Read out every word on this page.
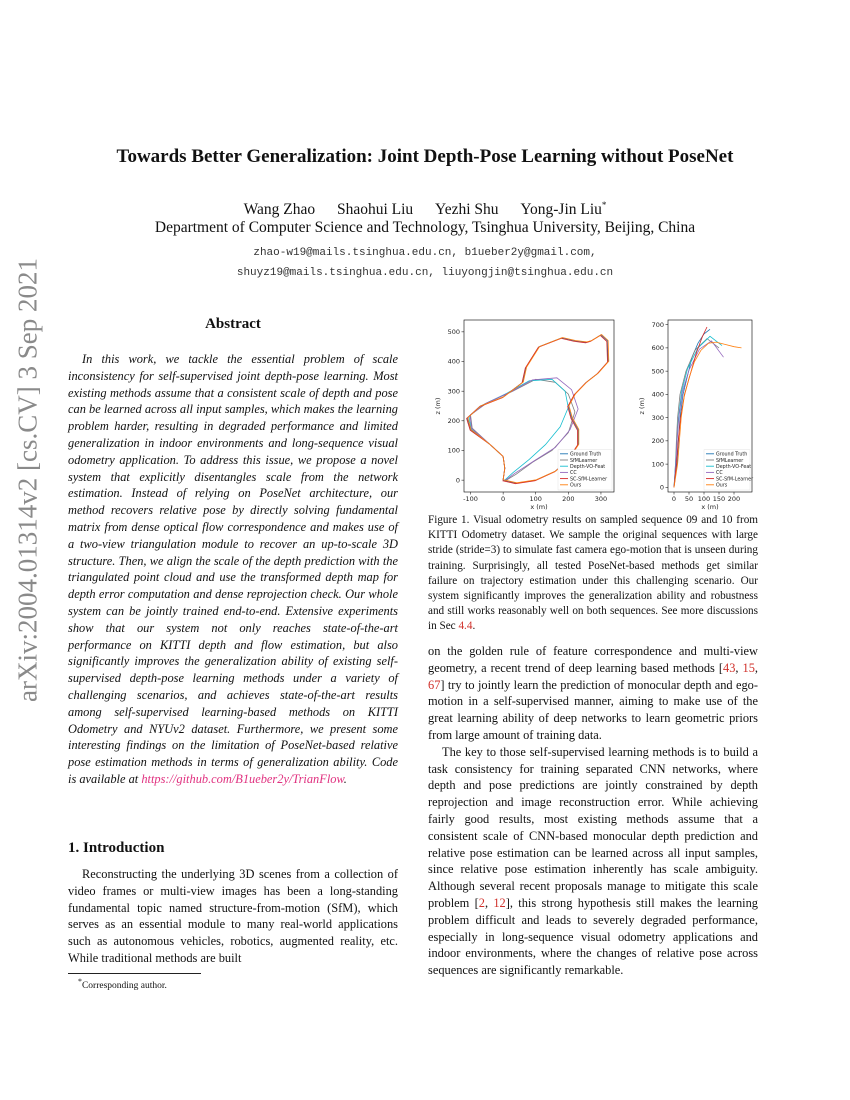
arXiv:2004.01314v2 [cs.CV] 3 Sep 2021
Towards Better Generalization: Joint Depth-Pose Learning without PoseNet
Wang Zhao Shaohui Liu Yezhi Shu Yong-Jin Liu*
Department of Computer Science and Technology, Tsinghua University, Beijing, China
zhao-w19@mails.tsinghua.edu.cn, b1ueber2y@gmail.com,
shuyz19@mails.tsinghua.edu.cn, liuyongjin@tsinghua.edu.cn
Abstract

In this work, we tackle the essential problem of scale inconsistency for self-supervised joint depth-pose learning. Most existing methods assume that a consistent scale of depth and pose can be learned across all input samples, which makes the learning problem harder, resulting in degraded performance and limited generalization in indoor environments and long-sequence visual odometry application. To address this issue, we propose a novel system that explicitly disentangles scale from the network estimation. Instead of relying on PoseNet architecture, our method recovers relative pose by directly solving fundamental matrix from dense optical flow correspondence and makes use of a two-view triangulation module to recover an up-to-scale 3D structure. Then, we align the scale of the depth prediction with the triangulated point cloud and use the transformed depth map for depth error computation and dense reprojection check. Our whole system can be jointly trained end-to-end. Extensive experiments show that our system not only reaches state-of-the-art performance on KITTI depth and flow estimation, but also significantly improves the generalization ability of existing self-supervised depth-pose learning methods under a variety of challenging scenarios, and achieves state-of-the-art results among self-supervised learning-based methods on KITTI Odometry and NYUv2 dataset. Furthermore, we present some interesting findings on the limitation of PoseNet-based relative pose estimation methods in terms of generalization ability. Code is available at https://github.com/B1ueber2y/TrianFlow.

1. Introduction

Reconstructing the underlying 3D scenes from a collection of video frames or multi-view images has been a long-standing fundamental topic named structure-from-motion (SfM), which serves as an essential module to many real-world applications such as autonomous vehicles, robotics, augmented reality, etc. While traditional methods are built

*Corresponding author.
-100	0	100	200	300
0
100
200
300
400
500
x (m)
z (m)
Ground Truth
SfMLearner
Depth-VO-Feat
CC
SC-SfM-Learner
Ours
0 50 100 150 200
0
100
200
300
400
500
600
700
x (m)
z (m)
Ground Truth
SfMLearner
Depth-VO-Feat
CC
SC-SfM-Learner
Ours
Figure 1. Visual odometry results on sampled sequence 09 and 10 from KITTI Odometry dataset. We sample the original sequences with large stride (stride=3) to simulate fast camera ego-motion that is unseen during training. Surprisingly, all tested PoseNet-based methods get similar failure on trajectory estimation under this challenging scenario. Our system significantly improves the generalization ability and robustness and still works reasonably well on both sequences. See more discussions in Sec 4.4.

on the golden rule of feature correspondence and multi-view geometry, a recent trend of deep learning based methods [43, 15, 67] try to jointly learn the prediction of monocular depth and ego-motion in a self-supervised manner, aiming to make use of the great learning ability of deep networks to learn geometric priors from large amount of training data.

The key to those self-supervised learning methods is to build a task consistency for training separated CNN networks, where depth and pose predictions are jointly constrained by depth reprojection and image reconstruction error. While achieving fairly good results, most existing methods assume that a consistent scale of CNN-based monocular depth prediction and relative pose estimation can be learned across all input samples, since relative pose estimation inherently has scale ambiguity. Although several recent proposals manage to mitigate this scale problem [2, 12], this strong hypothesis still makes the learning problem difficult and leads to severely degraded performance, especially in long-sequence visual odometry applications and indoor environments, where the changes of relative pose across sequences are significantly remarkable.
